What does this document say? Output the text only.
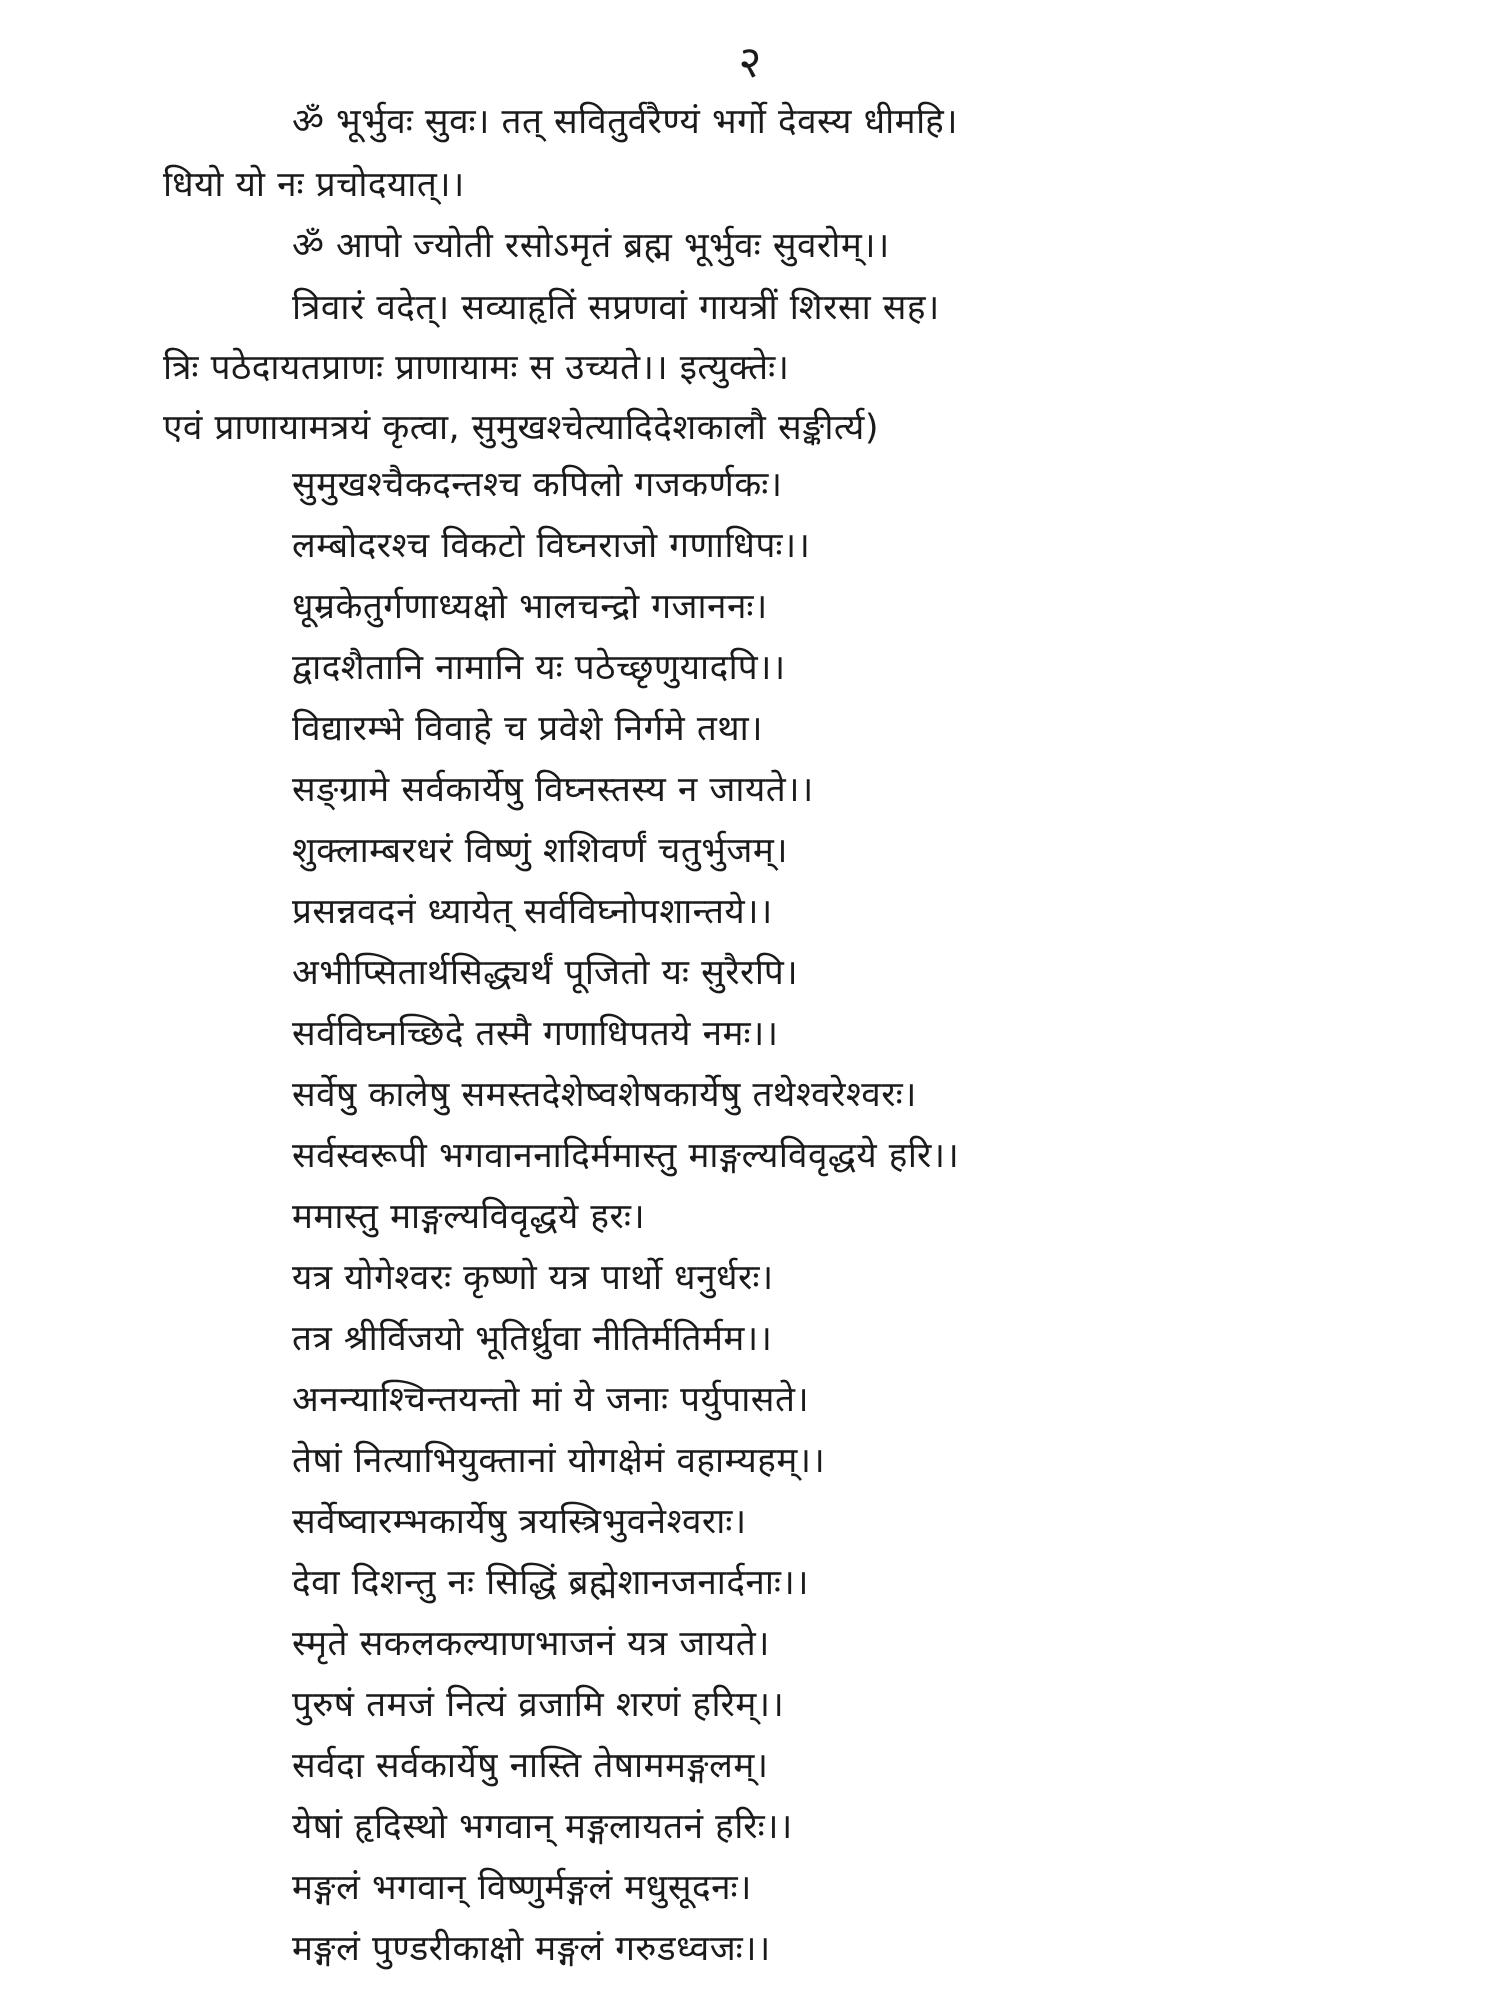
२
ॐ भूर्भुवः सुवः। तत् सवितुर्वरैण्यं भर्गो देवस्य धीमहि।
धियो यो नः प्रचोदयात्।।
ॐ आपो ज्योती रसोऽमृतं ब्रह्म भूर्भुवः सुवरोम्।।
त्रिवारं वदेत्। सव्याहृतिं सप्रणवां गायत्रीं शिरसा सह।
त्रिः पठेदायतप्राणः प्राणायामः स उच्यते।। इत्युक्तेः।
एवं प्राणायामत्रयं कृत्वा, सुमुखश्चेत्यादिदेशकालौ सङ्कीर्त्य)
सुमुखश्चैकदन्तश्च कपिलो गजकर्णकः।
लम्बोदरश्च विकटो विघ्नराजो गणाधिपः।।
धूम्रकेतुर्गणाध्यक्षो भालचन्द्रो गजाननः।
द्वादशैतानि नामानि यः पठेच्छृणुयादपि।।
विद्यारम्भे विवाहे च प्रवेशे निर्गमे तथा।
सङ्ग्रामे सर्वकार्येषु विघ्नस्तस्य न जायते।।
शुक्लाम्बरधरं विष्णुं शशिवर्णं चतुर्भुजम्।
प्रसन्नवदनं ध्यायेत् सर्वविघ्नोपशान्तये।।
अभीप्सितार्थसिद्ध्यर्थं पूजितो यः सुरैरपि।
सर्वविघ्नच्छिदे तस्मै गणाधिपतये नमः।।
सर्वेषु कालेषु समस्तदेशेष्वशेषकार्येषु तथेश्वरेश्वरः।
सर्वस्वरूपी भगवाननादिर्ममास्तु माङ्गल्यविवृद्धये हरि।।
ममास्तु माङ्गल्यविवृद्धये हरः।
यत्र योगेश्वरः कृष्णो यत्र पार्थो धनुर्धरः।
तत्र श्रीर्विजयो भूतिर्ध्रुवा नीतिर्मतिर्मम।।
अनन्याश्चिन्तयन्तो मां ये जनाः पर्युपासते।
तेषां नित्याभियुक्तानां योगक्षेमं वहाम्यहम्।।
सर्वेष्वारम्भकार्येषु त्रयस्त्रिभुवनेश्वराः।
देवा दिशन्तु नः सिद्धिं ब्रह्मेशानजनार्दनाः।।
स्मृते सकलकल्याणभाजनं यत्र जायते।
पुरुषं तमजं नित्यं व्रजामि शरणं हरिम्।।
सर्वदा सर्वकार्येषु नास्ति तेषाममङ्गलम्।
येषां हृदिस्थो भगवान् मङ्गलायतनं हरिः।।
मङ्गलं भगवान् विष्णुर्मङ्गलं मधुसूदनः।
मङ्गलं पुण्डरीकाक्षो मङ्गलं गरुडध्वजः।।
